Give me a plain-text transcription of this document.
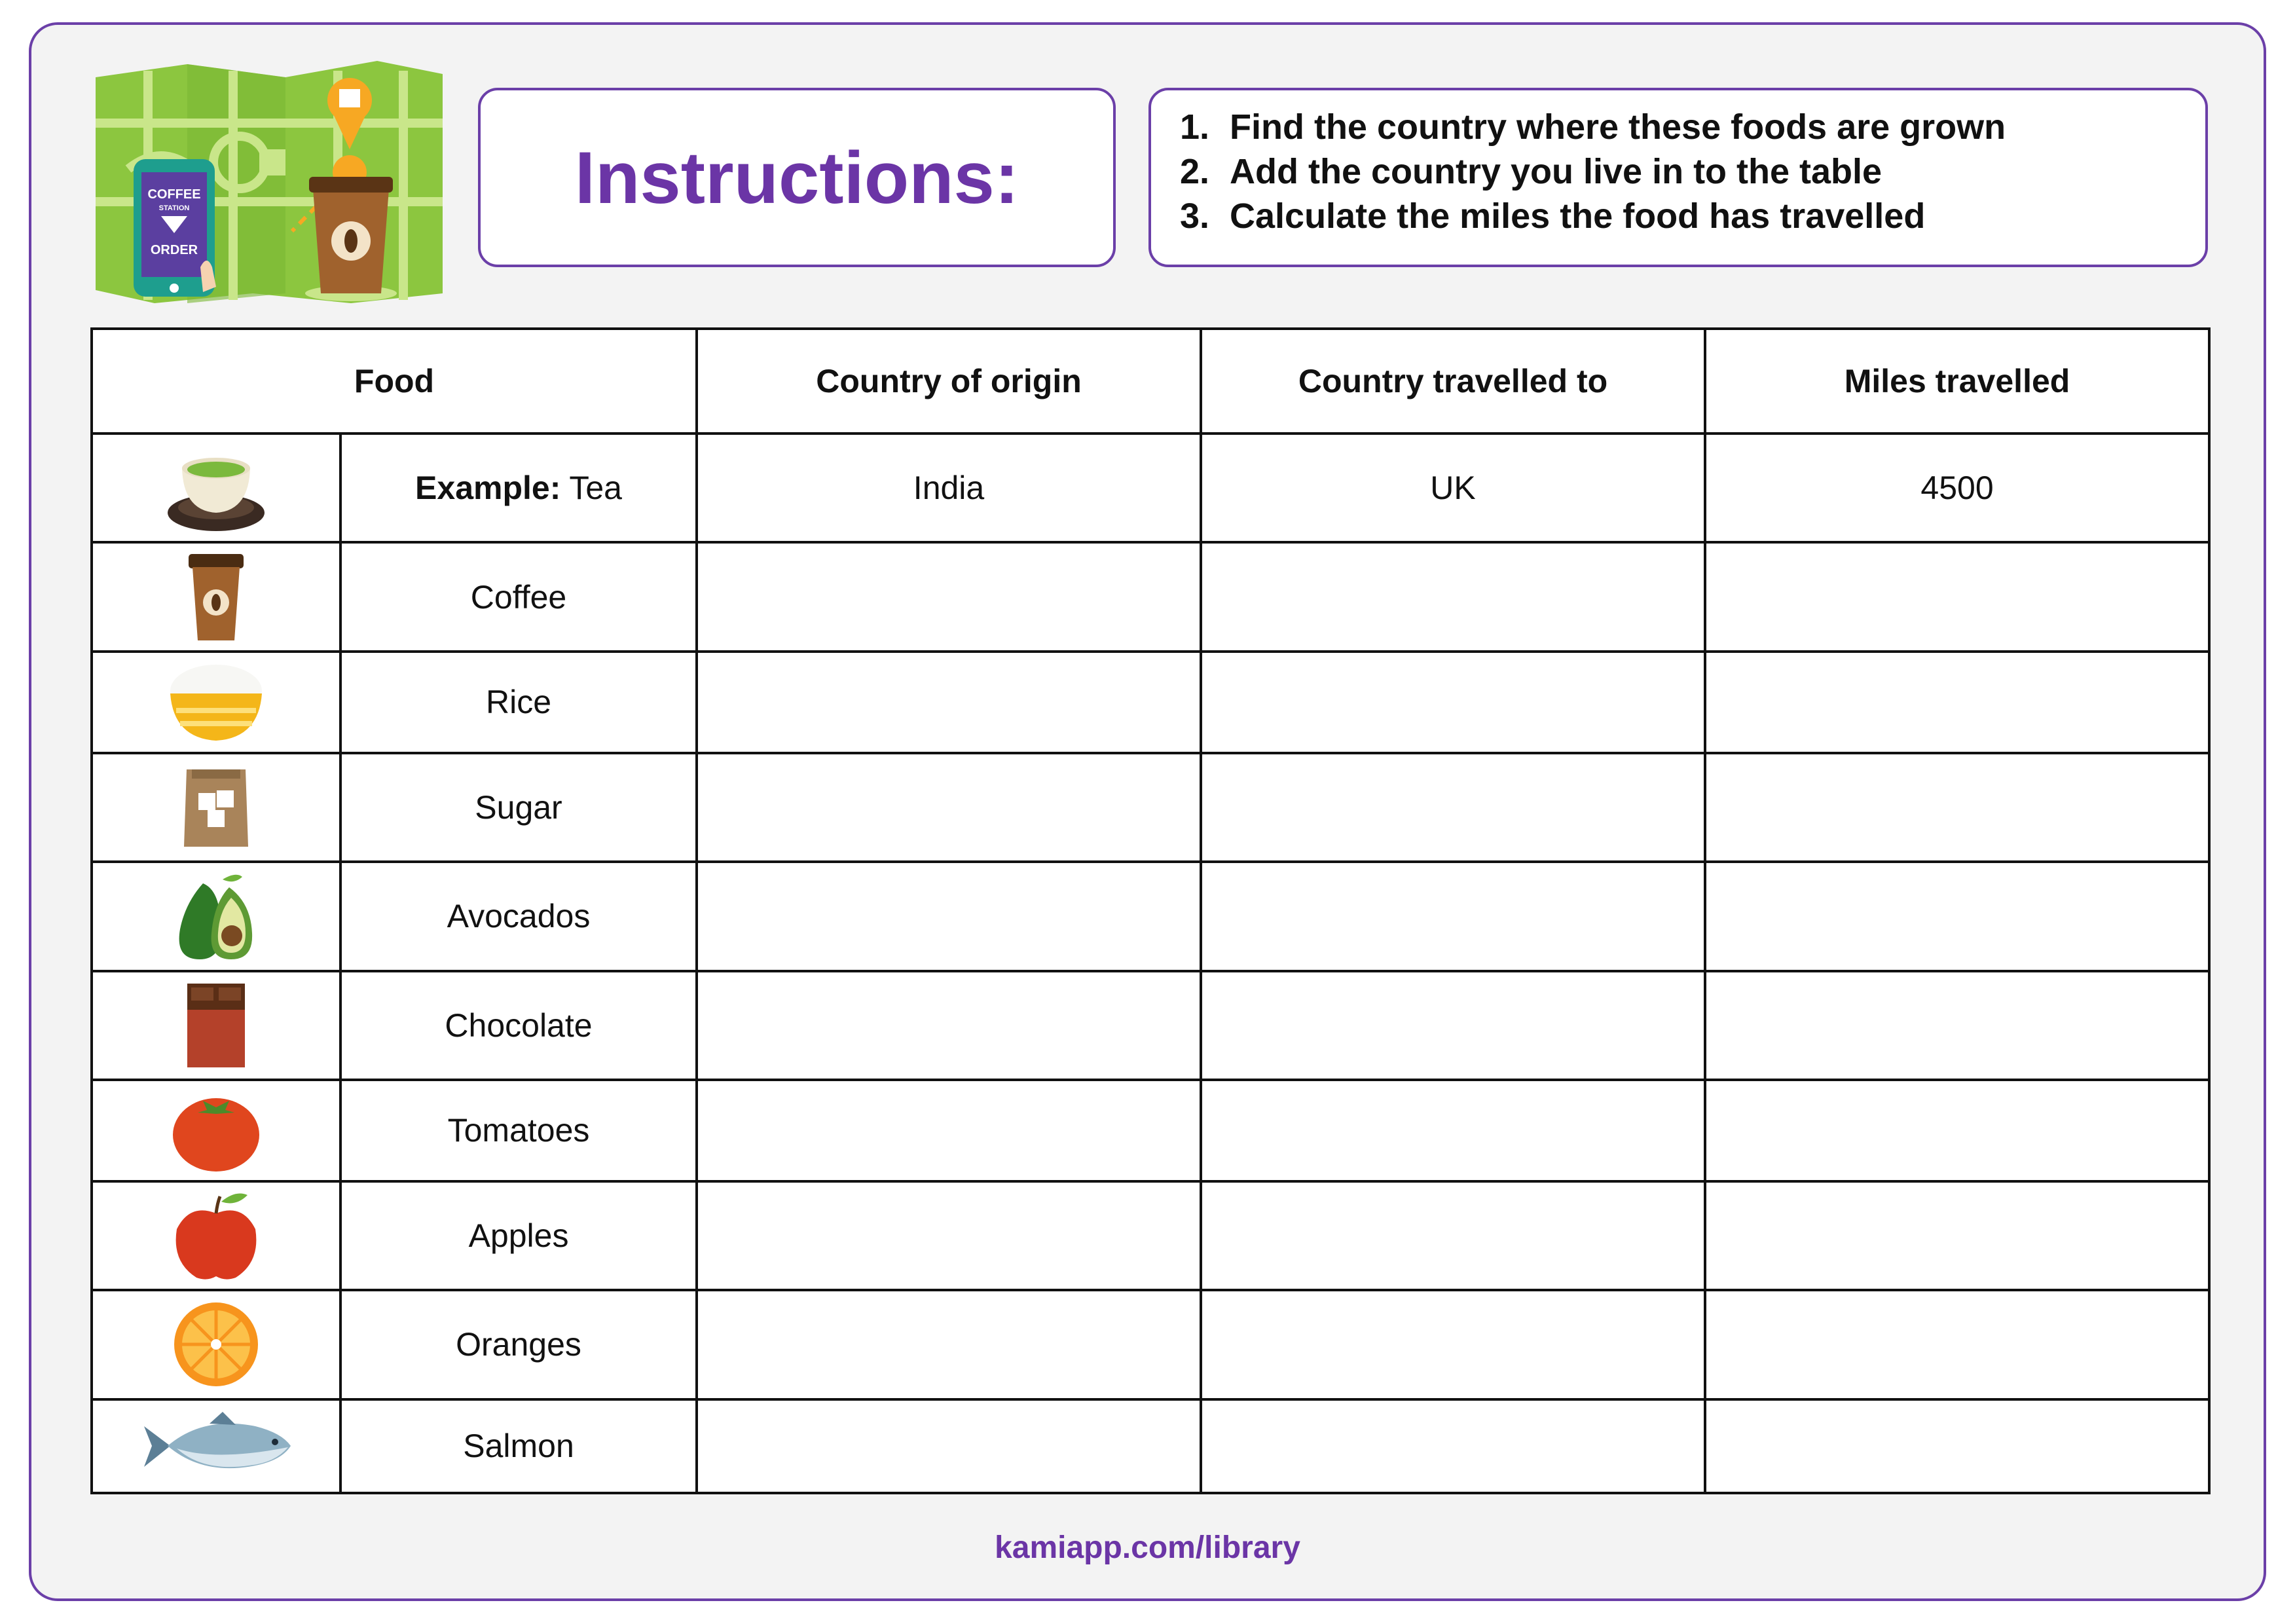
COFFEE
STATION
ORDER
Instructions:
1. Find the country where these foods are grown
2. Add the country you live in to the table
3. Calculate the miles the food has travelled
Food		Country of origin	Country travelled to	Miles travelled

	Example: Tea	India	UK	4500

	Coffee			

	Rice			

	Sugar			

	Avocados			

	Chocolate			

	Tomatoes			

	Apples			

	Oranges			

	Salmon			
kamiapp.com/library
